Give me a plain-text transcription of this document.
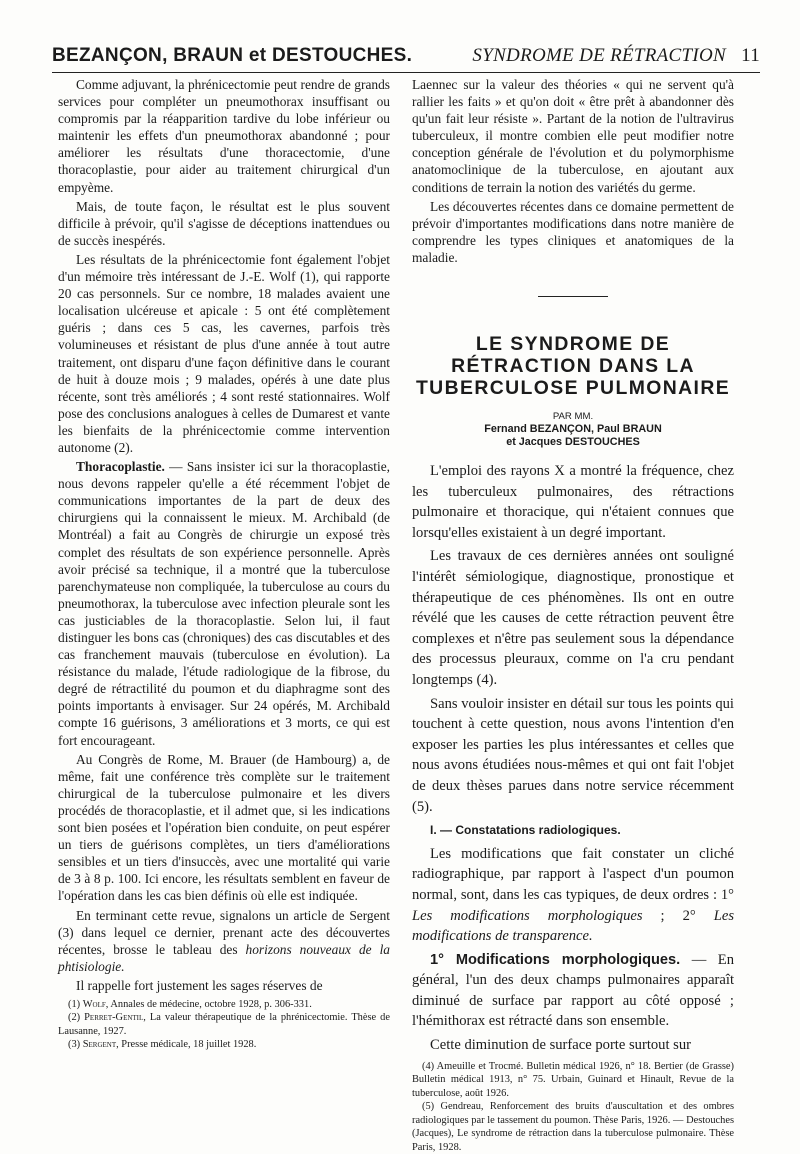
BEZANÇON, BRAUN et DESTOUCHES.	SYNDROME DE RÉTRACTION 11

Comme adjuvant, la phrénicectomie peut rendre de grands services pour compléter un pneumothorax insuffisant ou compromis par la réapparition tardive du lobe inférieur ou maintenir les effets d'un pneumothorax abandonné ; pour améliorer les résultats d'une thoracectomie, d'une thoracoplastie, pour aider au traitement chirurgical d'un empyème.

Mais, de toute façon, le résultat est le plus souvent difficile à prévoir, qu'il s'agisse de déceptions inattendues ou de succès inespérés.

Les résultats de la phrénicectomie font également l'objet d'un mémoire très intéressant de J.-E. Wolf (1), qui rapporte 20 cas personnels. Sur ce nombre, 18 malades avaient une localisation ulcéreuse et apicale : 5 ont été complètement guéris ; dans ces 5 cas, les cavernes, parfois très volumineuses et résistant de plus d'une année à tout autre traitement, ont disparu d'une façon définitive dans le courant de huit à douze mois ; 9 malades, opérés à une date plus récente, sont très améliorés ; 4 sont resté stationnaires. Wolf pose des conclusions analogues à celles de Dumarest et vante les bienfaits de la phrénicectomie comme intervention autonome (2).

Thoracoplastie. — Sans insister ici sur la thoracoplastie, nous devons rappeler qu'elle a été récemment l'objet de communications importantes de la part de deux des chirurgiens qui la connaissent le mieux. M. Archibald (de Montréal) a fait au Congrès de chirurgie un exposé très complet des résultats de son expérience personnelle. Après avoir précisé sa technique, il a montré que la tuberculose parenchymateuse non compliquée, la tuberculose au cours du pneumothorax, la tuberculose avec infection pleurale sont les cas justiciables de la thoracoplastie. Selon lui, il faut distinguer les bons cas (chroniques) des cas discutables et des cas franchement mauvais (tuberculose en évolution). La résistance du malade, l'étude radiologique de la fibrose, du degré de rétractilité du poumon et du diaphragme sont des points importants à envisager. Sur 24 opérés, M. Archibald compte 16 guérisons, 3 améliorations et 3 morts, ce qui est fort encourageant.

Au Congrès de Rome, M. Brauer (de Hambourg) a, de même, fait une conférence très complète sur le traitement chirurgical de la tuberculose pulmonaire et les divers procédés de thoracoplastie, et il admet que, si les indications sont bien posées et l'opération bien conduite, on peut espérer un tiers de guérisons complètes, un tiers d'améliorations sensibles et un tiers d'insuccès, avec une mortalité qui varie de 3 à 8 p. 100. Ici encore, les résultats semblent en faveur de l'opération dans les cas bien définis où elle est indiquée.

En terminant cette revue, signalons un article de Sergent (3) dans lequel ce dernier, prenant acte des découvertes récentes, brosse le tableau des horizons nouveaux de la phtisiologie.

Il rappelle fort justement les sages réserves de

(1) Wolf, Annales de médecine, octobre 1928, p. 306-331.

(2) Perret-Gentil, La valeur thérapeutique de la phrénicectomie. Thèse de Lausanne, 1927.

(3) Sergent, Presse médicale, 18 juillet 1928.

Laennec sur la valeur des théories « qui ne servent qu'à rallier les faits » et qu'on doit « être prêt à abandonner dès qu'un fait leur résiste ». Partant de la notion de l'ultravirus tuberculeux, il montre combien elle peut modifier notre conception générale de l'évolution et du polymorphisme anatomoclinique de la tuberculose, en ajoutant aux conditions de terrain la notion des variétés du germe.

Les découvertes récentes dans ce domaine permettent de prévoir d'importantes modifications dans notre manière de comprendre les types cliniques et anatomiques de la maladie.

LE SYNDROME DE
RÉTRACTION DANS LA
TUBERCULOSE PULMONAIRE
PAR MM.
Fernand BEZANÇON, Paul BRAUN
et Jacques DESTOUCHES

L'emploi des rayons X a montré la fréquence, chez les tuberculeux pulmonaires, des rétractions pulmonaire et thoracique, qui n'étaient connues que lorsqu'elles existaient à un degré important.

Les travaux de ces dernières années ont souligné l'intérêt sémiologique, diagnostique, pronostique et thérapeutique de ces phénomènes. Ils ont en outre révélé que les causes de cette rétraction peuvent être complexes et n'être pas seulement sous la dépendance des processus pleuraux, comme on l'a cru pendant longtemps (4).

Sans vouloir insister en détail sur tous les points qui touchent à cette question, nous avons l'intention d'en exposer les parties les plus intéressantes et celles que nous avons étudiées nous-mêmes et qui ont fait l'objet de deux thèses parues dans notre service récemment (5).

I. — Constatations radiologiques.

Les modifications que fait constater un cliché radiographique, par rapport à l'aspect d'un poumon normal, sont, dans les cas typiques, de deux ordres : 1° Les modifications morphologiques ; 2° Les modifications de transparence.

1° Modifications morphologiques. — En général, l'un des deux champs pulmonaires apparaît diminué de surface par rapport au côté opposé ; l'hémithorax est rétracté dans son ensemble.

Cette diminution de surface porte surtout sur

(4) Ameuille et Trocmé. Bulletin médical 1926, n° 18. Bertier (de Grasse) Bulletin médical 1913, n° 75. Urbain, Guinard et Hinault, Revue de la tuberculose, août 1926.

(5) Gendreau, Renforcement des bruits d'auscultation et des ombres radiologiques par le tassement du poumon. Thèse Paris, 1926. — Destouches (Jacques), Le syndrome de rétraction dans la tuberculose pulmonaire. Thèse Paris, 1928.
